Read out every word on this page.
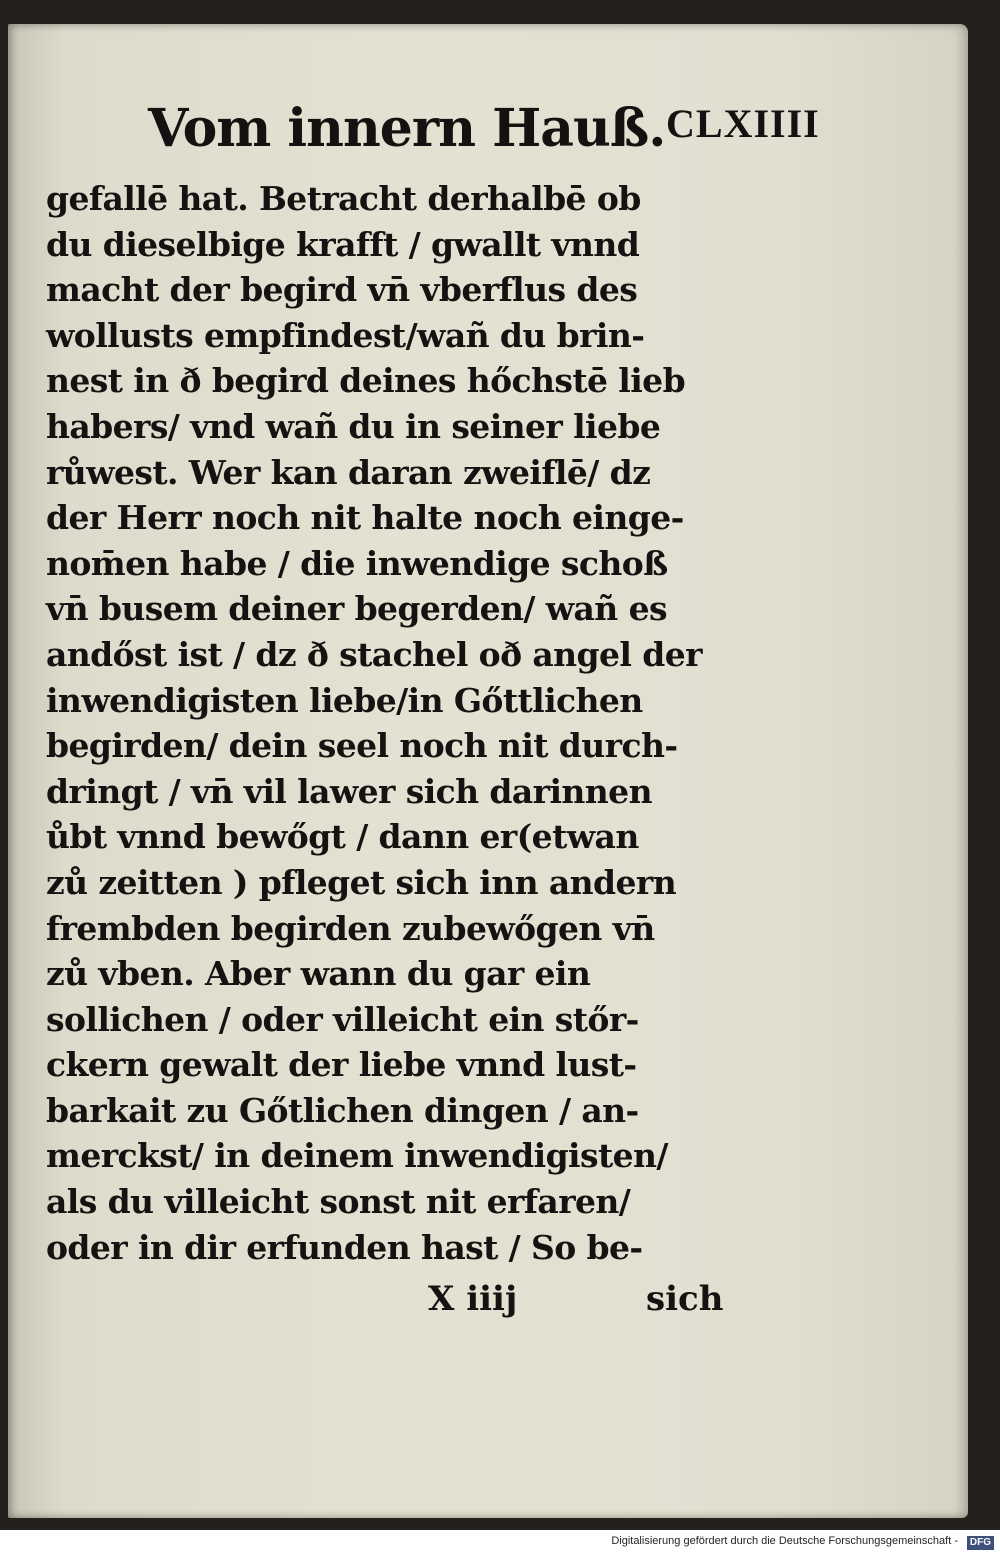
Vom innern Hauß. CLXIIII
gefallē hat. Betracht derhalbē ob
du dieselbige krafft / gwallt vnnd
macht der begird vn̄ vberflus des
wollusts empfindest/wañ du brin-
nest in ð begird deines hőchstē lieb
habers/ vnd wañ du in seiner liebe
růwest. Wer kan daran zweiflē/ dz
der Herr noch nit halte noch einge-
nom̄en habe / die inwendige schoß
vn̄ busem deiner begerden/ wañ es
andőst ist / dz ð stachel oð angel der
inwendigisten liebe/in Gőttlichen
begirden/ dein seel noch nit durch-
dringt / vn̄ vil lawer sich darinnen
ůbt vnnd bewőgt / dann er(etwan
zů zeitten ) pfleget sich inn andern
frembden begirden zubewőgen vn̄
zů vben. Aber wann du gar ein
sollichen / oder villeicht ein stőr-
ckern gewalt der liebe vnnd lust-
barkait zu Gőtlichen dingen / an-
merckst/ in deinem inwendigisten/
als du villeicht sonst nit erfaren/
oder in dir erfunden hast / So be-
X iiij	sich
Digitalisierung gefördert durch die Deutsche Forschungsgemeinschaft -	DFG
